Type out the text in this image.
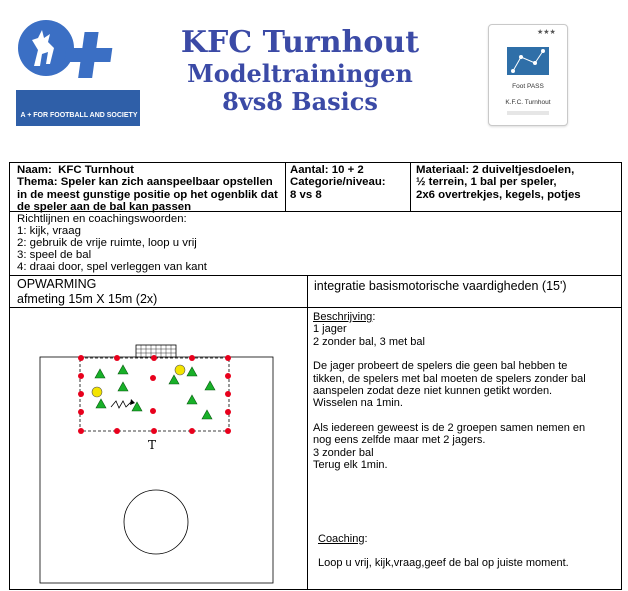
A + FOR FOOTBALL AND SOCIETY
KFC Turnhout
Modeltrainingen
8vs8 Basics
★★★
Foot PASS
K.F.C. Turnhout
Naam: KFC Turnhout
Thema: Speler kan zich aanspeelbaar opstellen in de meest gunstige positie op het ogenblik dat de speler aan de bal kan passen
Aantal: 10 + 2
Categorie/niveau:
8 vs 8
Materiaal: 2 duiveltjesdoelen,
½ terrein, 1 bal per speler,
2x6 overtrekjes, kegels, potjes
Richtlijnen en coachingswoorden:
1: kijk, vraag
2: gebruik de vrije ruimte, loop u vrij
3: speel de bal
4: draai door, spel verleggen van kant
OPWARMING
afmeting 15m X 15m (2x)
integratie basismotorische vaardigheden (15')
Beschrijving:
1 jager
2 zonder bal, 3 met bal
De jager probeert de spelers die geen bal hebben te
tikken, de spelers met bal moeten de spelers zonder bal
aanspelen zodat deze niet kunnen getikt worden.
Wisselen na 1min.
Als iedereen geweest is de 2 groepen samen nemen en
nog eens zelfde maar met 2 jagers.
3 zonder bal
Terug elk 1min.
Coaching:
Loop u vrij, kijk,vraag,geef de bal op juiste moment.
T
